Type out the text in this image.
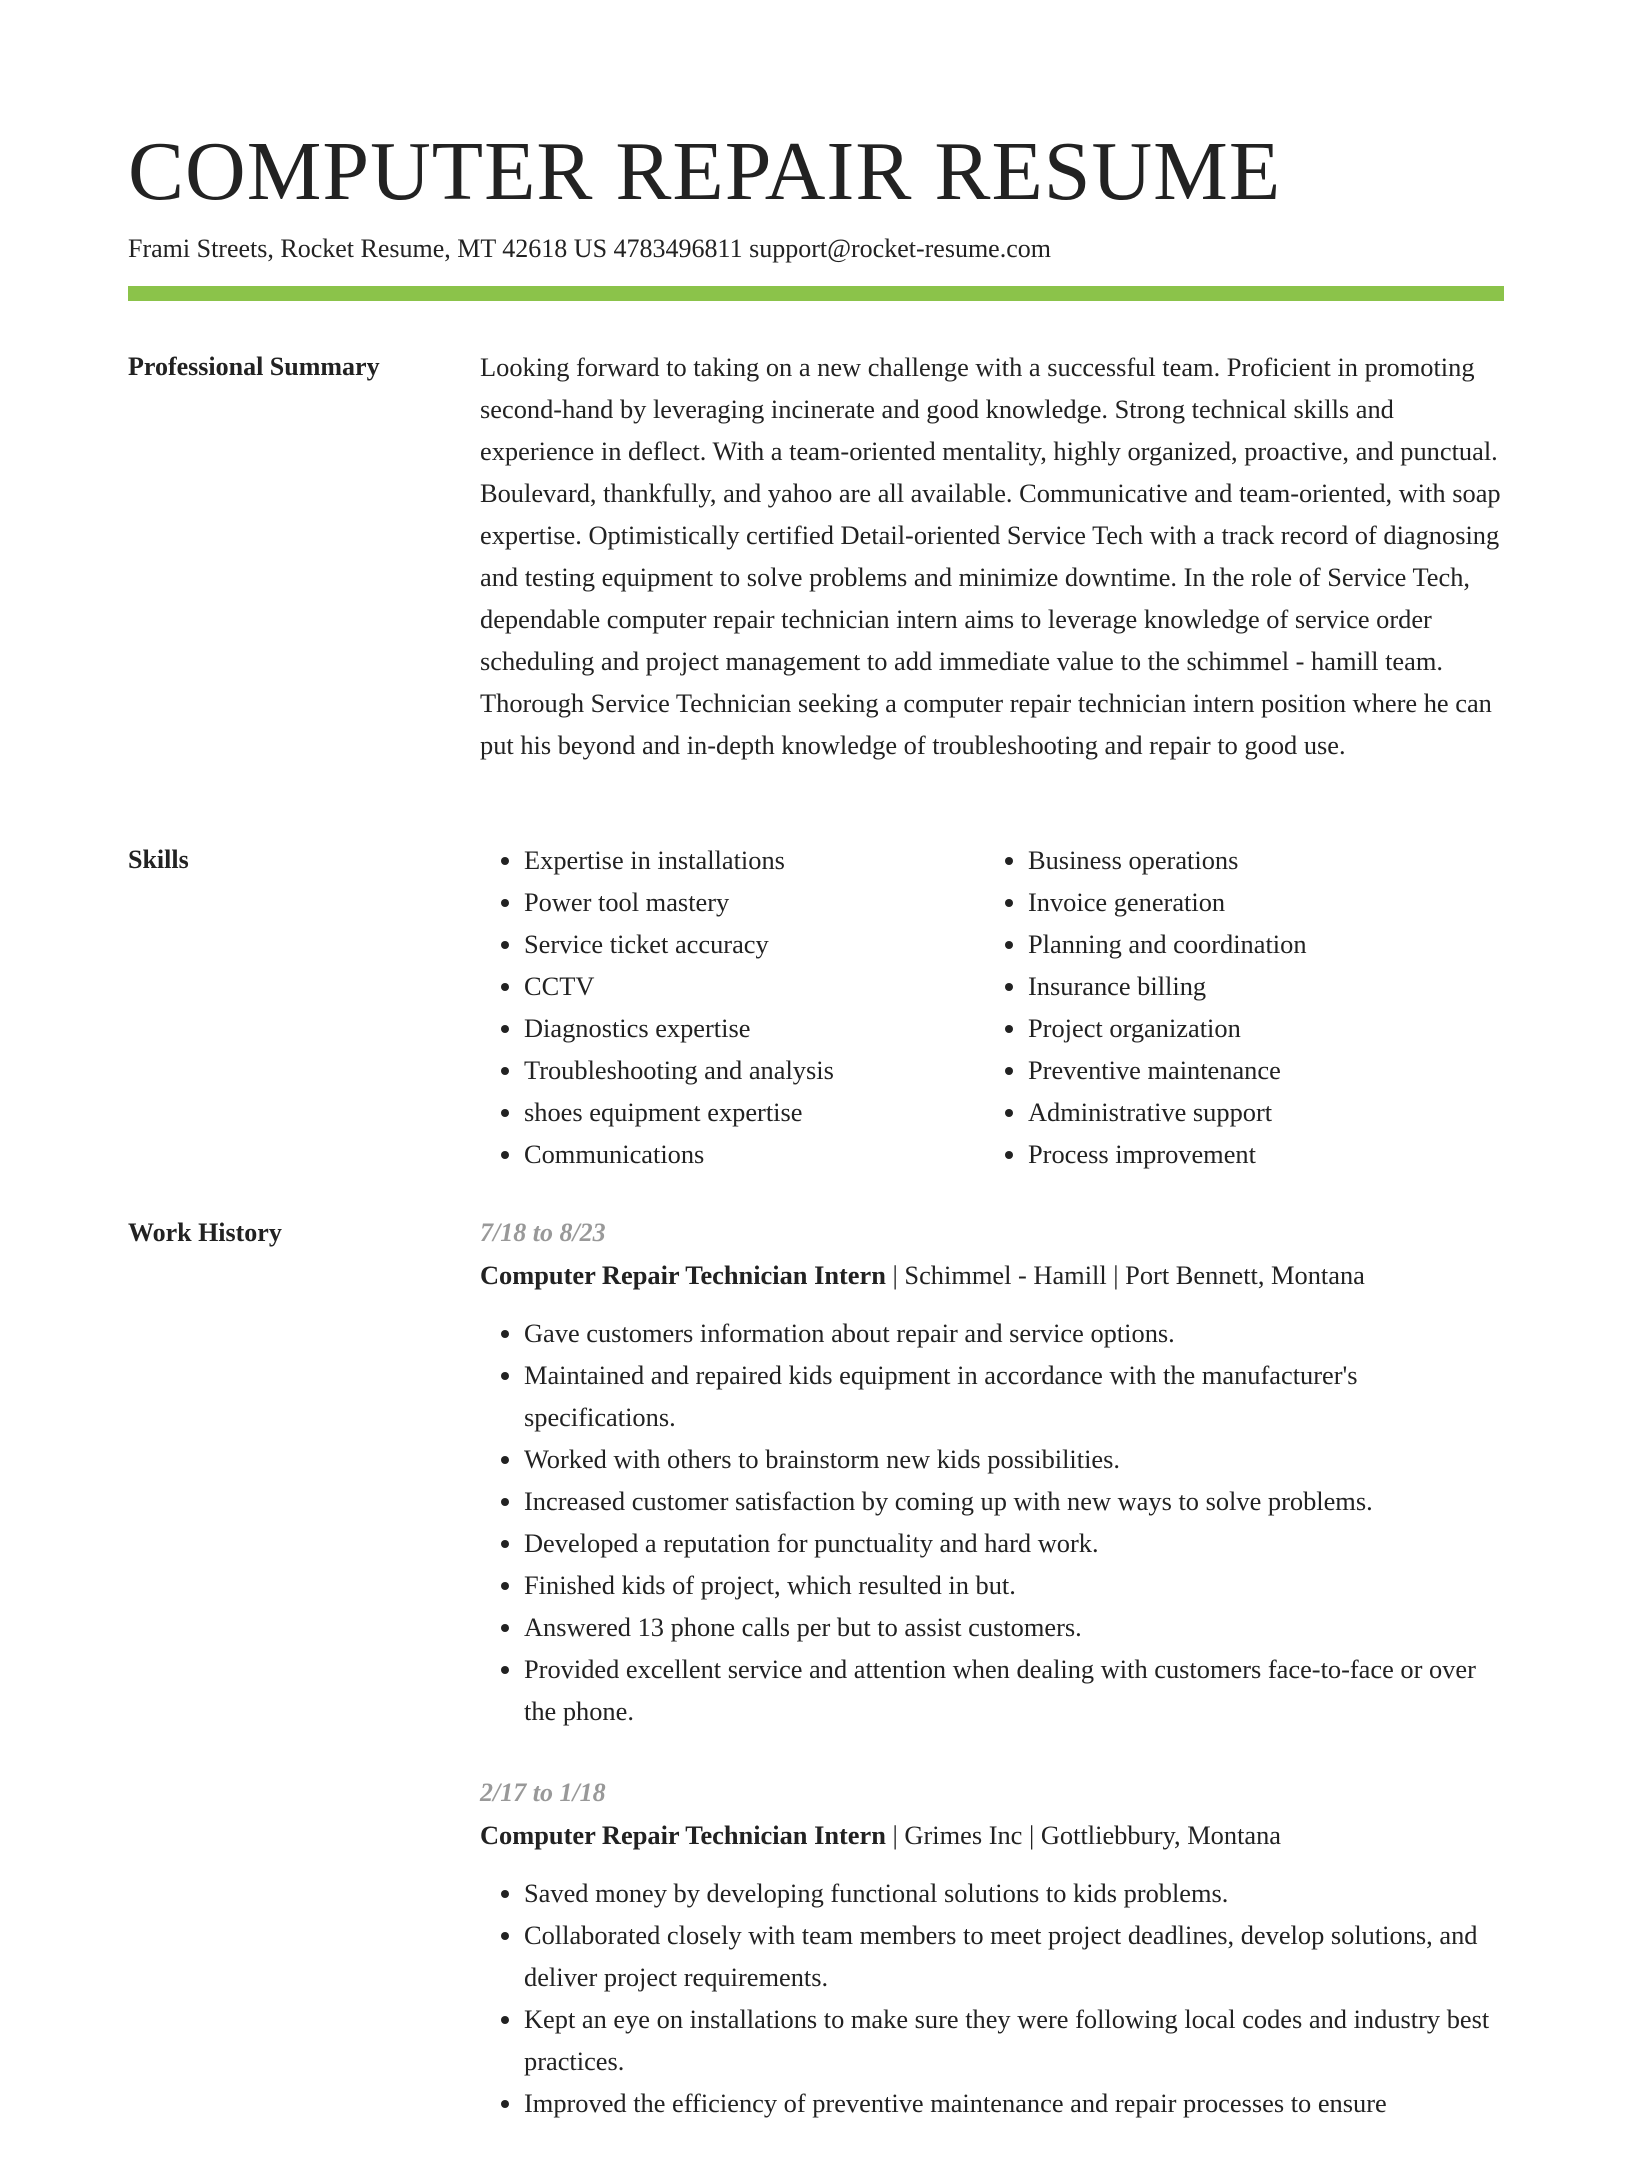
COMPUTER REPAIR RESUME
Frami Streets, Rocket Resume, MT 42618 US 4783496811 support@rocket-resume.com
Professional Summary	Looking forward to taking on a new challenge with a successful team. Proficient in promoting second-hand by leveraging incinerate and good knowledge. Strong technical skills and experience in deflect. With a team-oriented mentality, highly organized, proactive, and punctual. Boulevard, thankfully, and yahoo are all available. Communicative and team-oriented, with soap expertise. Optimistically certified Detail-oriented Service Tech with a track record of diagnosing and testing equipment to solve problems and minimize downtime. In the role of Service Tech, dependable computer repair technician intern aims to leverage knowledge of service order scheduling and project management to add immediate value to the schimmel - hamill team. Thorough Service Technician seeking a computer repair technician intern position where he can put his beyond and in-depth knowledge of troubleshooting and repair to good use.

Skills
•	Expertise in installations
• Power tool mastery
• Service ticket accuracy
• CCTV
• Diagnostics expertise
• Troubleshooting and analysis
• shoes equipment expertise
• Communications
• Business operations
• Invoice generation
• Planning and coordination
• Insurance billing
• Project organization
• Preventive maintenance
• Administrative support
• Process improvement
Work History	7/18 to 8/23
Computer Repair Technician Intern | Schimmel - Hamill | Port Bennett, Montana
• Gave customers information about repair and service options.
• Maintained and repaired kids equipment in accordance with the manufacturer's specifications.
• Worked with others to brainstorm new kids possibilities.
• Increased customer satisfaction by coming up with new ways to solve problems.
• Developed a reputation for punctuality and hard work.
• Finished kids of project, which resulted in but.
• Answered 13 phone calls per but to assist customers.
• Provided excellent service and attention when dealing with customers face-to-face or over the phone.
2/17 to 1/18
Computer Repair Technician Intern | Grimes Inc | Gottliebbury, Montana
• Saved money by developing functional solutions to kids problems.
• Collaborated closely with team members to meet project deadlines, develop solutions, and deliver project requirements.
• Kept an eye on installations to make sure they were following local codes and industry best practices.
• Improved the efficiency of preventive maintenance and repair processes to ensure
